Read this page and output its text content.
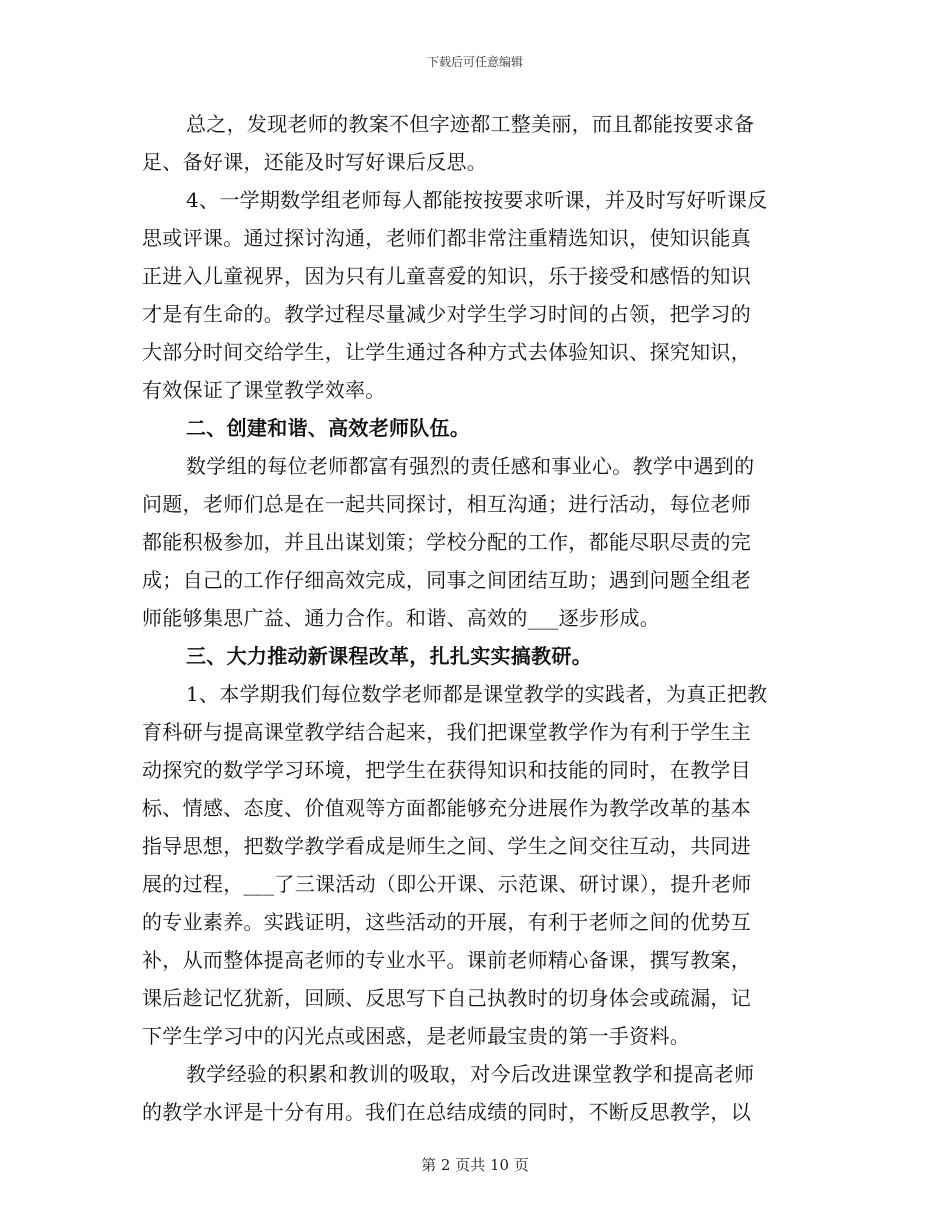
下载后可任意编辑
总之，发现老师的教案不但字迹都工整美丽，而且都能按要求备
足、备好课，还能及时写好课后反思。
4、一学期数学组老师每人都能按按要求听课，并及时写好听课反
思或评课。通过探讨沟通，老师们都非常注重精选知识，使知识能真
正进入儿童视界，因为只有儿童喜爱的知识，乐于接受和感悟的知识
才是有生命的。教学过程尽量减少对学生学习时间的占领，把学习的
大部分时间交给学生，让学生通过各种方式去体验知识、探究知识，
有效保证了课堂教学效率。
二、创建和谐、高效老师队伍。
数学组的每位老师都富有强烈的责任感和事业心。教学中遇到的
问题，老师们总是在一起共同探讨，相互沟通；进行活动，每位老师
都能积极参加，并且出谋划策；学校分配的工作，都能尽职尽责的完
成；自己的工作仔细高效完成，同事之间团结互助；遇到问题全组老
师能够集思广益、通力合作。和谐、高效的___逐步形成。
三、大力推动新课程改革，扎扎实实搞教研。
1、本学期我们每位数学老师都是课堂教学的实践者，为真正把教
育科研与提高课堂教学结合起来，我们把课堂教学作为有利于学生主
动探究的数学学习环境，把学生在获得知识和技能的同时，在教学目
标、情感、态度、价值观等方面都能够充分进展作为教学改革的基本
指导思想，把数学教学看成是师生之间、学生之间交往互动，共同进
展的过程，___了三课活动（即公开课、示范课、研讨课），提升老师
的专业素养。实践证明，这些活动的开展，有利于老师之间的优势互
补，从而整体提高老师的专业水平。课前老师精心备课，撰写教案，
课后趁记忆犹新，回顾、反思写下自己执教时的切身体会或疏漏，记
下学生学习中的闪光点或困惑，是老师最宝贵的第一手资料。
教学经验的积累和教训的吸取，对今后改进课堂教学和提高老师
的教学水评是十分有用。我们在总结成绩的同时，不断反思教学，以
第 2 页共 10 页
